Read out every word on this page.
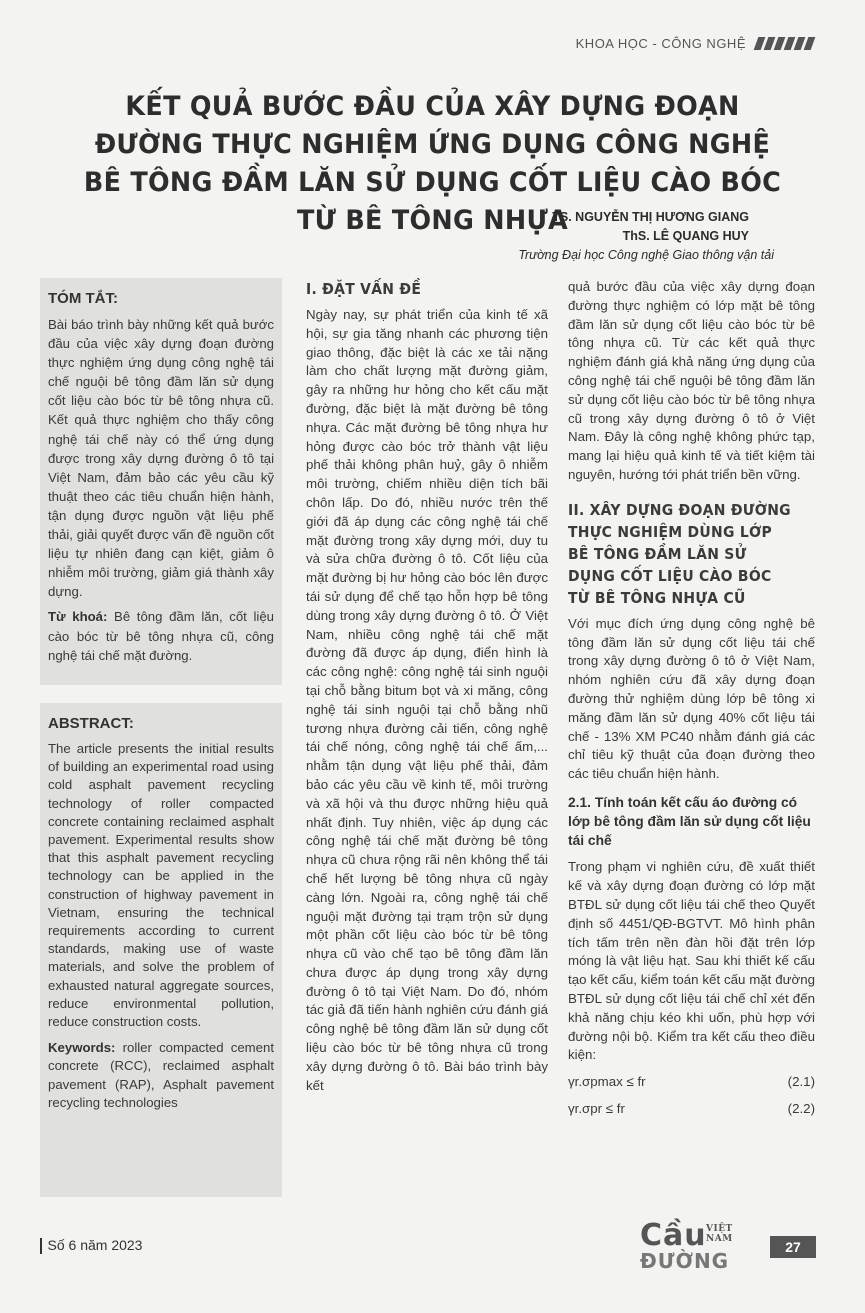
KHOA HỌC - CÔNG NGHỆ
KẾT QUẢ BƯỚC ĐẦU CỦA XÂY DỰNG ĐOẠN ĐƯỜNG THỰC NGHIỆM ỨNG DỤNG CÔNG NGHỆ BÊ TÔNG ĐẦM LĂN SỬ DỤNG CỐT LIỆU CÀO BÓC TỪ BÊ TÔNG NHỰA
TS. NGUYỄN THỊ HƯƠNG GIANG
ThS. LÊ QUANG HUY
Trường Đại học Công nghệ Giao thông vận tải
TÓM TẮT:

Bài báo trình bày những kết quả bước đầu của việc xây dựng đoạn đường thực nghiệm ứng dụng công nghệ tái chế nguội bê tông đầm lăn sử dụng cốt liệu cào bóc từ bê tông nhựa cũ. Kết quả thực nghiệm cho thấy công nghệ tái chế này có thể ứng dụng được trong xây dựng đường ô tô tại Việt Nam, đảm bảo các yêu cầu kỹ thuật theo các tiêu chuẩn hiện hành, tận dụng được nguồn vật liệu phế thải, giải quyết được vấn đề nguồn cốt liệu tự nhiên đang cạn kiệt, giảm ô nhiễm môi trường, giảm giá thành xây dựng.

Từ khoá: Bê tông đầm lăn, cốt liệu cào bóc từ bê tông nhựa cũ, công nghệ tái chế mặt đường.

ABSTRACT:

The article presents the initial results of building an experimental road using cold asphalt pavement recycling technology of roller compacted concrete containing reclaimed asphalt pavement. Experimental results show that this asphalt pavement recycling technology can be applied in the construction of highway pavement in Vietnam, ensuring the technical requirements according to current standards, making use of waste materials, and solve the problem of exhausted natural aggregate sources, reduce environmental pollution, reduce construction costs.

Keywords: roller compacted cement concrete (RCC), reclaimed asphalt pavement (RAP), Asphalt pavement recycling technologies

I. ĐẶT VẤN ĐỀ

Ngày nay, sự phát triển của kinh tế xã hội, sự gia tăng nhanh các phương tiện giao thông, đặc biệt là các xe tải nặng làm cho chất lượng mặt đường giảm, gây ra những hư hỏng cho kết cấu mặt đường, đặc biệt là mặt đường bê tông nhựa. Các mặt đường bê tông nhựa hư hỏng được cào bóc trở thành vật liệu phế thải không phân huỷ, gây ô nhiễm môi trường, chiếm nhiều diện tích bãi chôn lấp. Do đó, nhiều nước trên thế giới đã áp dụng các công nghệ tái chế mặt đường trong xây dựng mới, duy tu và sửa chữa đường ô tô. Cốt liệu của mặt đường bị hư hỏng cào bóc lên được tái sử dụng để chế tạo hỗn hợp bê tông dùng trong xây dựng đường ô tô. Ở Việt Nam, nhiều công nghệ tái chế mặt đường đã được áp dụng, điển hình là các công nghệ: công nghệ tái sinh nguội tại chỗ bằng bitum bọt và xi măng, công nghệ tái sinh nguội tại chỗ bằng nhũ tương nhựa đường cải tiến, công nghệ tái chế nóng, công nghệ tái chế ấm,... nhằm tận dụng vật liệu phế thải, đảm bảo các yêu cầu về kinh tế, môi trường và xã hội và thu được những hiệu quả nhất định. Tuy nhiên, việc áp dụng các công nghệ tái chế mặt đường bê tông nhựa cũ chưa rộng rãi nên không thể tái chế hết lượng bê tông nhựa cũ ngày càng lớn. Ngoài ra, công nghệ tái chế nguội mặt đường tại trạm trộn sử dụng một phần cốt liệu cào bóc từ bê tông nhựa cũ vào chế tạo bê tông đầm lăn chưa được áp dụng trong xây dựng đường ô tô tại Việt Nam. Do đó, nhóm tác giả đã tiến hành nghiên cứu đánh giá công nghệ bê tông đầm lăn sử dụng cốt liệu cào bóc từ bê tông nhựa cũ trong xây dựng đường ô tô. Bài báo trình bày kết

quả bước đầu của việc xây dựng đoạn đường thực nghiệm có lớp mặt bê tông đầm lăn sử dụng cốt liệu cào bóc từ bê tông nhựa cũ. Từ các kết quả thực nghiệm đánh giá khả năng ứng dụng của công nghệ tái chế nguội bê tông đầm lăn sử dụng cốt liệu cào bóc từ bê tông nhựa cũ trong xây dựng đường ô tô ở Việt Nam. Đây là công nghệ không phức tạp, mang lại hiệu quả kinh tế và tiết kiệm tài nguyên, hướng tới phát triển bền vững.

II. XÂY DỰNG ĐOẠN ĐƯỜNG THỰC NGHIỆM DÙNG LỚP BÊ TÔNG ĐẦM LĂN SỬ DỤNG CỐT LIỆU CÀO BÓC TỪ BÊ TÔNG NHỰA CŨ

Với mục đích ứng dụng công nghệ bê tông đầm lăn sử dụng cốt liệu tái chế trong xây dựng đường ô tô ở Việt Nam, nhóm nghiên cứu đã xây dựng đoạn đường thử nghiệm dùng lớp bê tông xi măng đầm lăn sử dụng 40% cốt liệu tái chế - 13% XM PC40 nhằm đánh giá các chỉ tiêu kỹ thuật của đoạn đường theo các tiêu chuẩn hiện hành.

2.1. Tính toán kết cấu áo đường có lớp bê tông đầm lăn sử dụng cốt liệu tái chế

Trong phạm vi nghiên cứu, đề xuất thiết kế và xây dựng đoạn đường có lớp mặt BTĐL sử dụng cốt liệu tái chế theo Quyết định số 4451/QĐ-BGTVT. Mô hình phân tích tấm trên nền đàn hồi đặt trên lớp móng là vật liệu hạt. Sau khi thiết kế cấu tạo kết cấu, kiểm toán kết cấu mặt đường BTĐL sử dụng cốt liệu tái chế chỉ xét đến khả năng chịu kéo khi uốn, phù hợp với đường nội bộ. Kiểm tra kết cấu theo điều kiện:

γr.σpmax ≤ fr	(2.1)
γr.σpr ≤ fr	(2.2)
Số 6 năm 2023	Cầu VIỆT NAM
ĐƯỜNG
27
